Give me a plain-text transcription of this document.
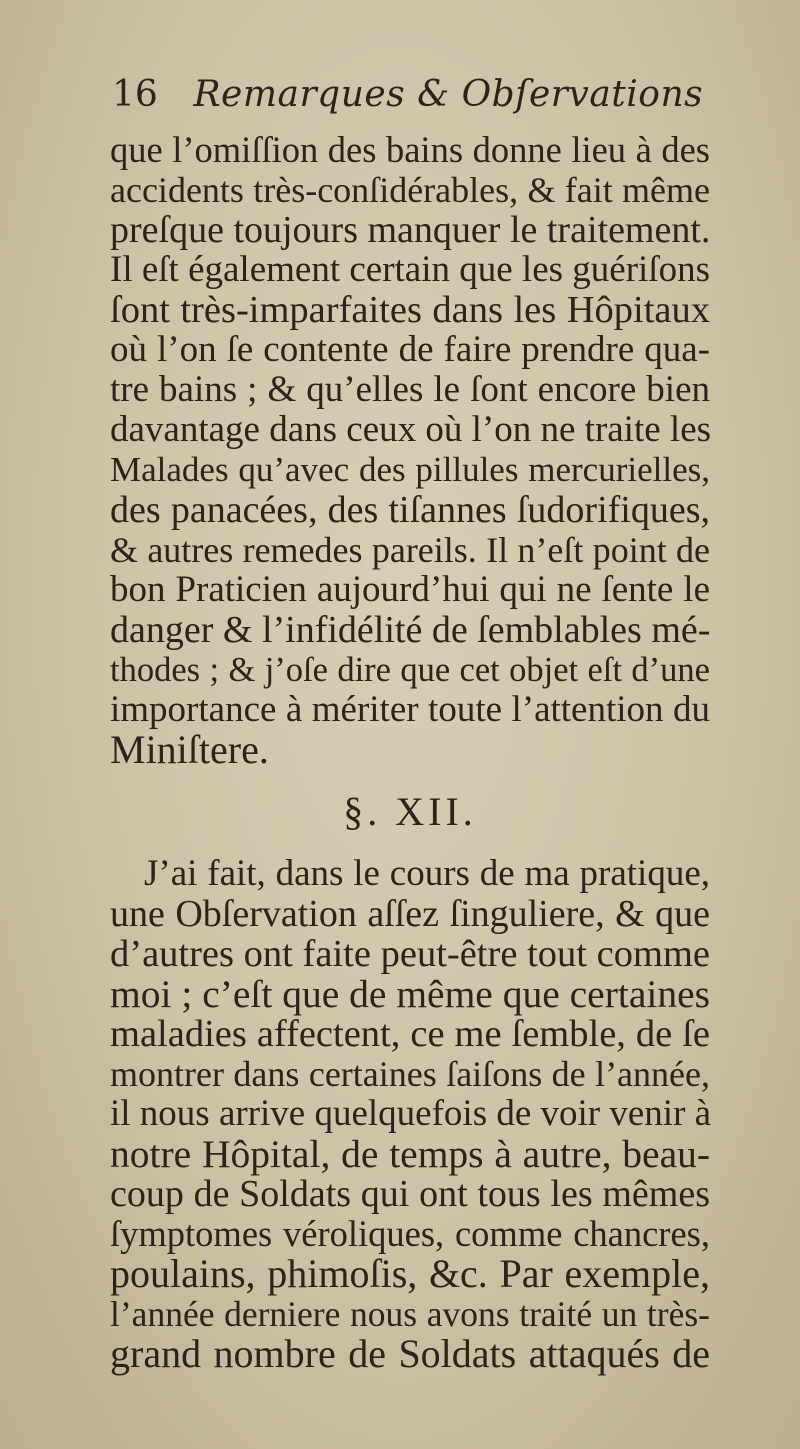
16 Remarques & Obſervations
que l’omiſſion des bains donne lieu à des
accidents très-conſidérables, & fait même
preſque toujours manquer le traitement.
Il eſt également certain que les guériſons
ſont très-imparfaites dans les Hôpitaux
où l’on ſe contente de faire prendre qua-
tre bains ; & qu’elles le ſont encore bien
davantage dans ceux où l’on ne traite les
Malades qu’avec des pillules mercurielles,
des panacées, des tiſannes ſudorifiques,
& autres remedes pareils. Il n’eſt point de
bon Praticien aujourd’hui qui ne ſente le
danger & l’infidélité de ſemblables mé-
thodes ; & j’oſe dire que cet objet eſt d’une
importance à mériter toute l’attention du
Miniſtere.
§. XII.
J’ai fait, dans le cours de ma pratique,
une Obſervation aſſez ſinguliere, & que
d’autres ont faite peut-être tout comme
moi ; c’eſt que de même que certaines
maladies affectent, ce me ſemble, de ſe
montrer dans certaines ſaiſons de l’année,
il nous arrive quelquefois de voir venir à
notre Hôpital, de temps à autre, beau-
coup de Soldats qui ont tous les mêmes
ſymptomes véroliques, comme chancres,
poulains, phimoſis, &c. Par exemple,
l’année derniere nous avons traité un très-
grand nombre de Soldats attaqués de
